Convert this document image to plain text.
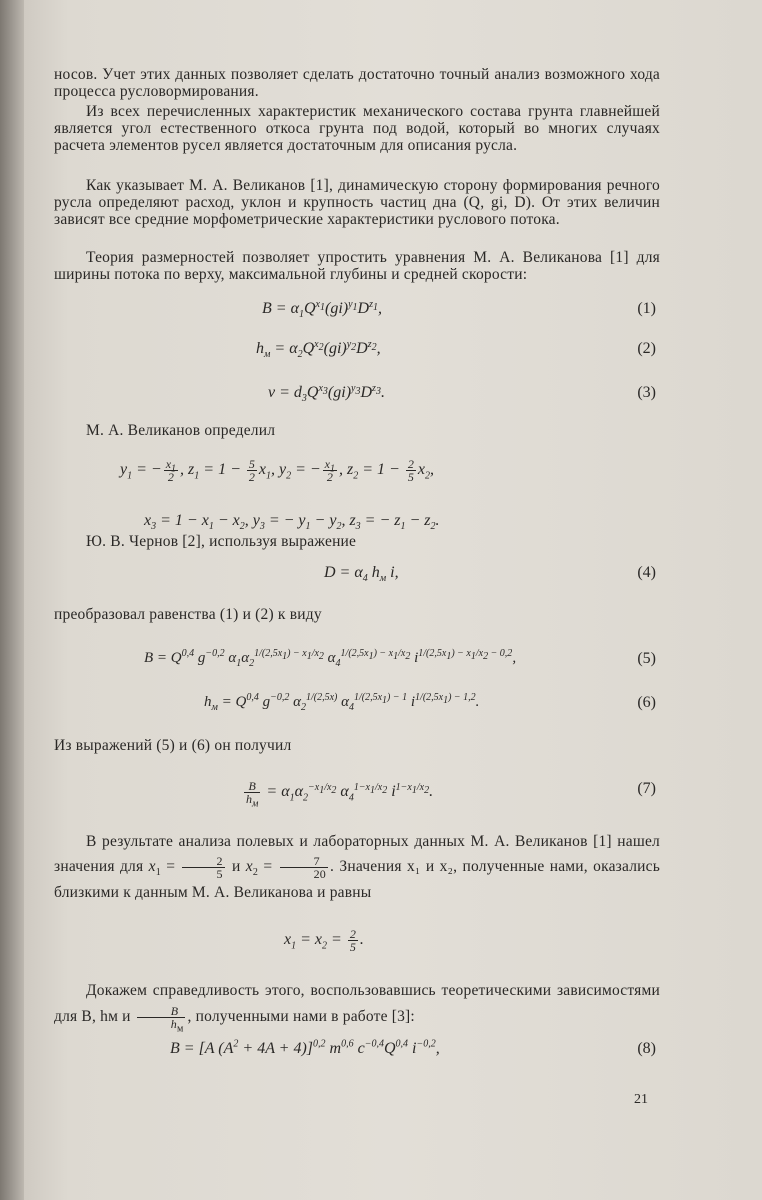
носов. Учет этих данных позволяет сделать достаточно точный анализ возможного хода процесса русловормирования.
Из всех перечисленных характеристик механического состава грунта главнейшей является угол естественного откоса грунта под водой, который во многих случаях расчета элементов русел является достаточным для описания русла.
Как указывает М. А. Великанов [1], динамическую сторону формирования речного русла определяют расход, уклон и крупность частиц дна (Q, gi, D). От этих величин зависят все средние морфометрические характеристики руслового потока.
Теория размерностей позволяет упростить уравнения М. А. Великанова [1] для ширины потока по верху, максимальной глубины и средней скорости:
$B = \alpha_1Q^{x_1}(gi)^{y_1}D^{z_1}$,	(1)
$h_м = \alpha_2Q^{x_2}(gi)^{y_2}D^{z_2}$,	(2)
$v = d_3Q^{x_3}(gi)^{y_3}D^{z_3}$.	(3)
М. А. Великанов определил
$y_1$ = − $\frac{x_1}{2}$ , $z_1 = 1 - \frac{5}{2} x_1$, $y_2$ = − $\frac{x_1}{2}$ , $z_2 = 1 - \frac{2}{5} x_2$,
$x_3 = 1 - x_1 - x_2$, $y_3$ = − $y_1 - y_2$, $z_3$ = − $z_1 - z_2$.
Ю. В. Чернов [2], используя выражение
$D = \alpha_4$ $h_м$ i,	(4)
преобразовал равенства (1) и (2) к виду
B = Q$^{0,4}$ $g^{-0,2}$ $\alpha_1\alpha_2^{1/(2,5x_1) - x_1/x_2}$ $\alpha_4^{1/(2,5x_1) - x_1/x_2}$ $i^{1/(2,5x_1) - x_1/x_2 - 0,2}$,	(5)
$h_м = Q^{0,4}$ $g^{-0,2}$ $\alpha_2^{1/(2,5x)}$ $\alpha_4^{1/(2,5x_1) - 1}$ $i^{1/(2,5x_1) - 1,2}$.	(6)
Из выражений (5) и (6) он получил
$\frac{B}{h_м} = \alpha_1\alpha_2^{-x_1/x_2}$ $\alpha_4^{1-x_1/x_2}$ $i^{1-x_1/x_2}$.	(7)
В результате анализа полевых и лабораторных данных М. А. Великанов [1] нашел значения для $x_1 = \frac{2}{5}$ и $x_2 = \frac{7}{20}$ . Значения x₁ и x₂, полученные нами, оказались близкими к данным М. А. Великанова и равны
$x_1 = x_2 = \frac{2}{5}$ .
Докажем справедливость этого, воспользовавшись теоретическими зависимостями для B, hм и $\frac{B}{h_м}$ , полученными нами в работе [3]:
B = [A $(A^2 + 4A + 4)]^{0,2}$ $m^{0,6}$ $c^{-0,4}Q^{0,4}$ $i^{-0,2}$,	(8)
21
